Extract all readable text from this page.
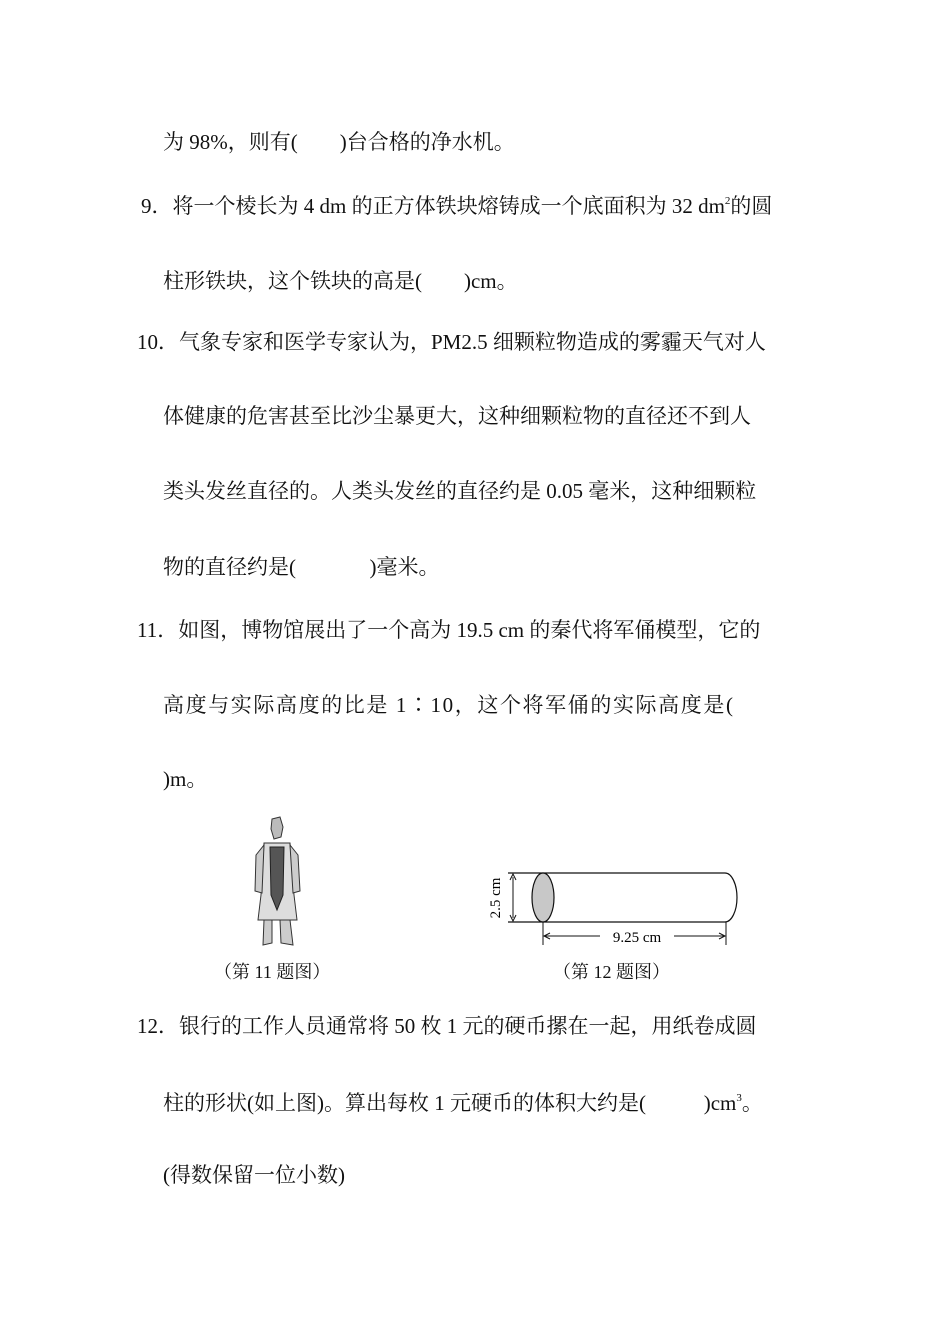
为 98%，则有(        )台合格的净水机。
9．将一个棱长为 4 dm 的正方体铁块熔铸成一个底面积为 32 $dm^2$的圆
柱形铁块，这个铁块的高是(        )cm。
10．气象专家和医学专家认为，PM2.5 细颗粒物造成的雾霾天气对人
体健康的危害甚至比沙尘暴更大，这种细颗粒物的直径还不到人
类头发丝直径的。人类头发丝的直径约是 0.05 毫米，这种细颗粒
物的直径约是(              )毫米。
11．如图，博物馆展出了一个高为 19.5 cm 的秦代将军俑模型，它的
高度与实际高度的比是 1∶10，这个将军俑的实际高度是(
)m。
（第 11 题图）
9.25 cm
2.5 cm
（第 12 题图）
12．银行的工作人员通常将 50 枚 1 元的硬币摞在一起，用纸卷成圆
柱的形状(如上图)。算出每枚 1 元硬币的体积大约是(           )$cm^3$。
(得数保留一位小数)
